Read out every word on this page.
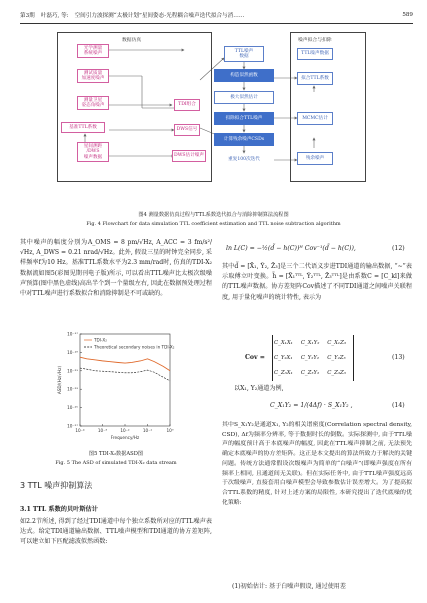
第3期 叶磊巧, 等: 空间引力波探测“太极计划”星间姿态-光程耦合噪声迭代拟合与消……	589
数据仿真	噪声拟合与扣除
光学测量
系统噪声
测试质量
加速度噪声
测量卫星
姿态角噪声
基准TTL系数
星间测距
/DWS
噪声数据
TDI组合
DWS信号
DWS估计噪声
TTL噪声
数据
构造似然函数
极大似然估计
扣除拟合TTL噪声
计算残余噪声CSDs
重复100次迭代
TTL噪声数据
拟合TTL系数
MCMC估计
残余噪声
图4 测量数据仿真过程与TTL系数迭代拟合与消除抑制算法流程图
Fig. 4 Flowchart for data simulation TTL coefficient estimation and TTL noise subtraction algorithm
其中噪声的幅度分别为A_OMS = 8 pm/√Hz, A_ACC = 3 fm/s²/√Hz, A_DWS = 0.21 nrad/√Hz。此外, 假设三星的时钟完全同步, 采样频率f为10 Hz。基准TTL系数水平为2.3 mm/rad时, 仿真的TDI-X₂数据流如图5(彩图见期刊电子版)所示, 可以看出TTL噪声比太极次级噪声预算(图中黑色虚线)高出半个到一个量级左右, 因此在数据预处理过程中对TTL噪声进行系数拟合和消除抑制是不可或缺的。
10⁻⁴	10⁻³	10⁻²	10⁻¹	10⁰
10⁻¹⁷
10⁻¹⁹
10⁻²¹
10⁻²³
10⁻²⁵
10⁻²⁷
Frequency/Hz
ASD/(Hz/√Hz)
TDI-X₂
Theoretical secondary noises in TDI-X₂
图5 TDI-X₂数据ASD图
Fig. 5 The ASD of simulated TDI-X₂ data stream
3 TTL 噪声抑制算法
3.1 TTL 系数的贝叶斯估计
如2.2节所述, 得到了经过TDI通道中每个独立系数所对应的TTL噪声表达式。给定TDI通道输出数据、TTL噪声模型和TDI通道的协方差矩阵, 可以建立如下匹配滤波似然函数:
ln L(C) = −½(d̃ − h(C))ᴴ Cov⁻¹(d̃ − h(C)),	(12)
其中d̃ = [X̃₁, Ỹ₂, Z̃₃]是三个二代语义步进TDI通道的输出数据, “~”表示取傅立叶变换。h̃ = [X̃₁ᵀᵀᴸ, Ỹ₂ᵀᵀᴸ, Z̃₃ᵀᵀᴸ]是由系数C = [C_kl]来做的TTL噪声数据。协方差矩阵Cov描述了不同TDI通道之间噪声关联程度, 用于量化噪声的统计特性, 表示为
Cov =
C_X₁X₁	C_X₁Y₂	C_X₁Z₃
C_Y₂X₁	C_Y₂Y₂	C_Y₂Z₃
C_Z₃X₁	C_Z₃Y₂	C_Z₃Z₃
(13)
以X₁, Y₂通道为例,
C_X₁Y₂ = 1/(4Δf) · S_X₁Y₂ ,	(14)
其中S_X₁Y₂是通道X₁, Y₂的相关谱密度(Correlation spectral density, CSD), Δf为频率分辨率, 等于数据时长的倒数。实际探测中, 由于TTL噪声的幅度预计高于本底噪声的幅度, 因此在TTL噪声抑制之前, 无法预先确定本底噪声的协方差矩阵。这正是本文提出的算法所致力于解决的关键问题。传统方法通常假设次级噪声为简单的“白噪声”(即噪声强度在所有频率上相同, 且通道间无关联)。但在实际任务中, 由于TTL噪声强度远高于次级噪声, 直接套用白噪声模型会导致参数估计误差增大。为了提高拟合TTL系数的精度, 针对上述方案的局限性, 本研究提出了迭代底噪的优化策略:
(1)初始估计: 基于白噪声假设, 通过使用差
